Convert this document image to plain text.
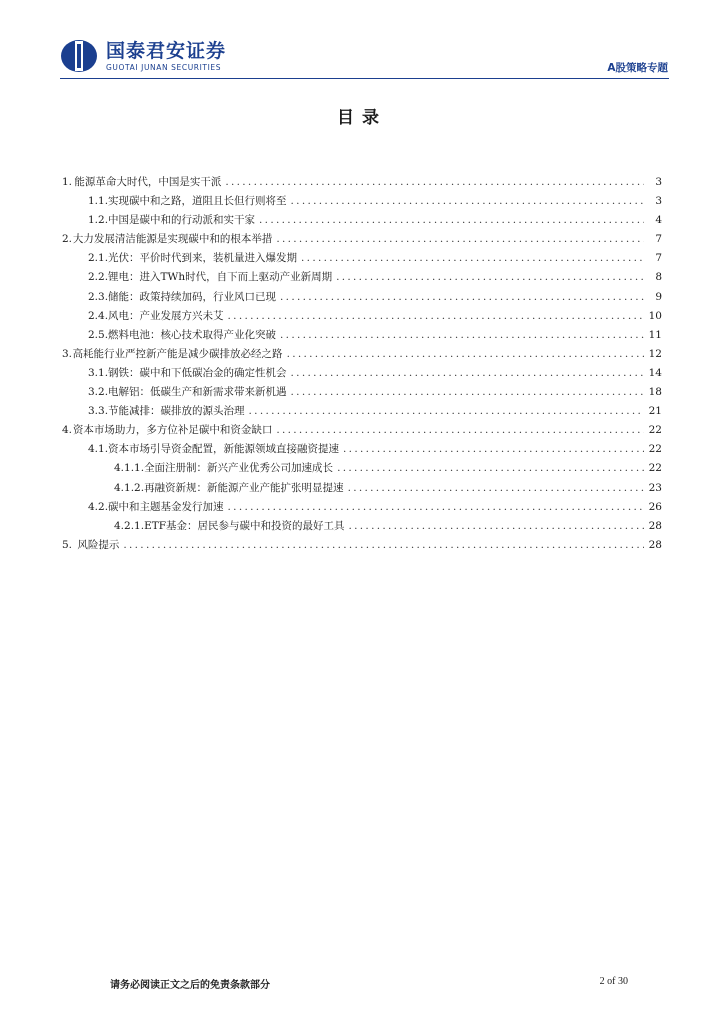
国泰君安证券
GUOTAI JUNAN SECURITIES	A股策略专题
目录
1. 能源革命大时代，中国是实干派 .....	3
1.1. 实现碳中和之路，道阻且长但行则将至 .....	3
1.2. 中国是碳中和的行动派和实干家 .....	4
2. 大力发展清洁能源是实现碳中和的根本举措 .....	7
2.1. 光伏：平价时代到来，装机量进入爆发期 .....	7
2.2. 锂电：进入TWh时代，自下而上驱动产业新周期 .....	8
2.3. 储能：政策持续加码，行业风口已现 .....	9
2.4. 风电：产业发展方兴未艾 .....	10
2.5. 燃料电池：核心技术取得产业化突破 .....	11
3. 高耗能行业严控新产能是减少碳排放必经之路 .....	12
3.1. 钢铁：碳中和下低碳冶金的确定性机会 .....	14
3.2. 电解铝：低碳生产和新需求带来新机遇 .....	18
3.3. 节能减排：碳排放的源头治理 .....	21
4. 资本市场助力，多方位补足碳中和资金缺口 .....	22
4.1. 资本市场引导资金配置，新能源领域直接融资提速 .....	22
4.1.1. 全面注册制：新兴产业优秀公司加速成长 .....	22
4.1.2. 再融资新规：新能源产业产能扩张明显提速 .....	23
4.2. 碳中和主题基金发行加速 .....	26
4.2.1. ETF基金：居民参与碳中和投资的最好工具 .....	28
5. 风险提示 .....	28
请务必阅读正文之后的免责条款部分	2 of 30
